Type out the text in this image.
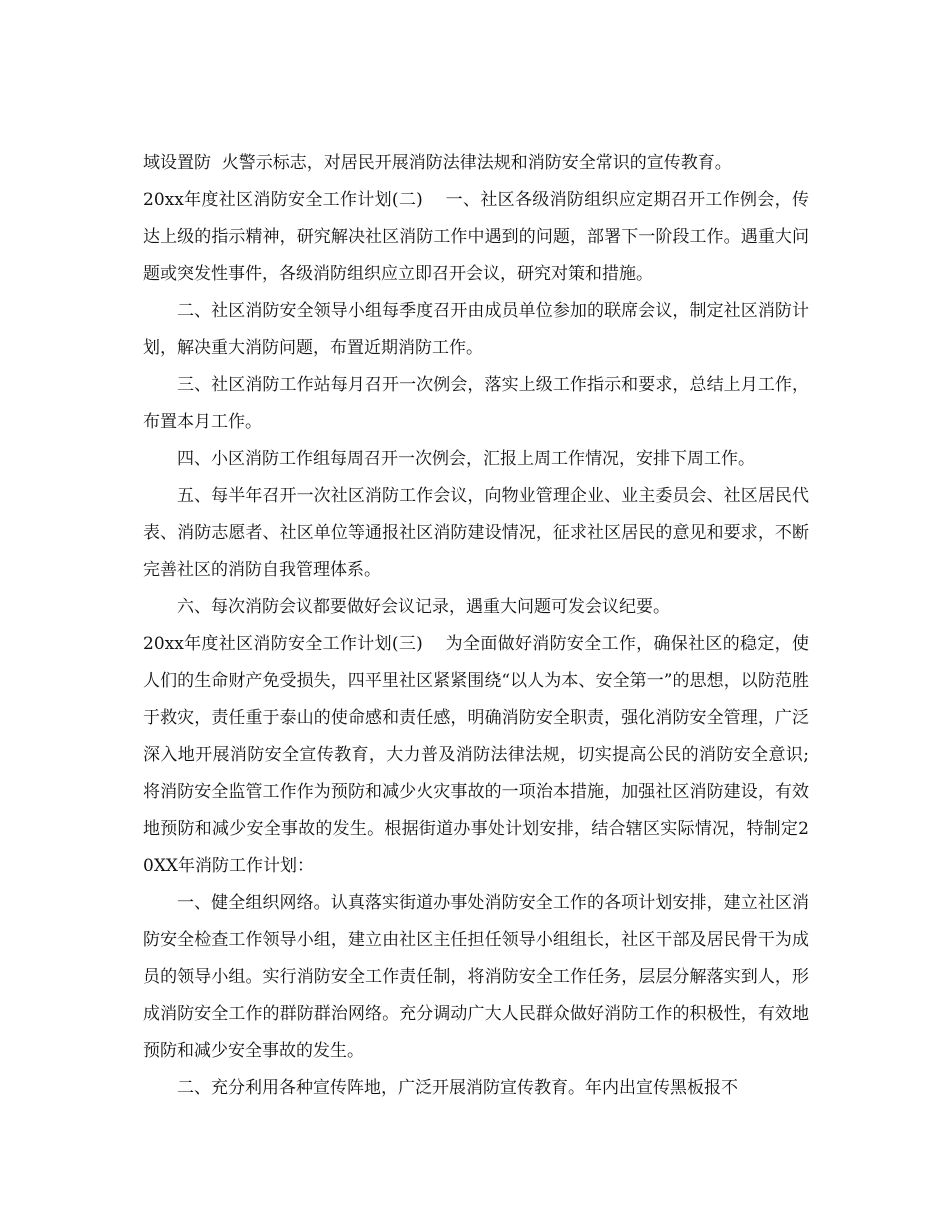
域设置防  火警示标志，对居民开展消防法律法规和消防安全常识的宣传教育。

20xx年度社区消防安全工作计划(二)    一、社区各级消防组织应定期召开工作例会，传达上级的指示精神，研究解决社区消防工作中遇到的问题，部署下一阶段工作。遇重大问题或突发性事件，各级消防组织应立即召开会议，研究对策和措施。

二、社区消防安全领导小组每季度召开由成员单位参加的联席会议，制定社区消防计划，解决重大消防问题，布置近期消防工作。

三、社区消防工作站每月召开一次例会，落实上级工作指示和要求，总结上月工作，布置本月工作。

四、小区消防工作组每周召开一次例会，汇报上周工作情况，安排下周工作。

五、每半年召开一次社区消防工作会议，向物业管理企业、业主委员会、社区居民代表、消防志愿者、社区单位等通报社区消防建设情况，征求社区居民的意见和要求，不断完善社区的消防自我管理体系。

六、每次消防会议都要做好会议记录，遇重大问题可发会议纪要。

20xx年度社区消防安全工作计划(三)    为全面做好消防安全工作，确保社区的稳定，使人们的生命财产免受损失，四平里社区紧紧围绕“以人为本、安全第一”的思想，以防范胜于救灾，责任重于泰山的使命感和责任感，明确消防安全职责，强化消防安全管理，广泛深入地开展消防安全宣传教育，大力普及消防法律法规，切实提高公民的消防安全意识;将消防安全监管工作作为预防和减少火灾事故的一项治本措施，加强社区消防建设，有效地预防和减少安全事故的发生。根据街道办事处计划安排，结合辖区实际情况，特制定20XX年消防工作计划：

一、健全组织网络。认真落实街道办事处消防安全工作的各项计划安排，建立社区消防安全检查工作领导小组，建立由社区主任担任领导小组组长，社区干部及居民骨干为成员的领导小组。实行消防安全工作责任制，将消防安全工作任务，层层分解落实到人，形成消防安全工作的群防群治网络。充分调动广大人民群众做好消防工作的积极性，有效地预防和减少安全事故的发生。

二、充分利用各种宣传阵地，广泛开展消防宣传教育。年内出宣传黑板报不
